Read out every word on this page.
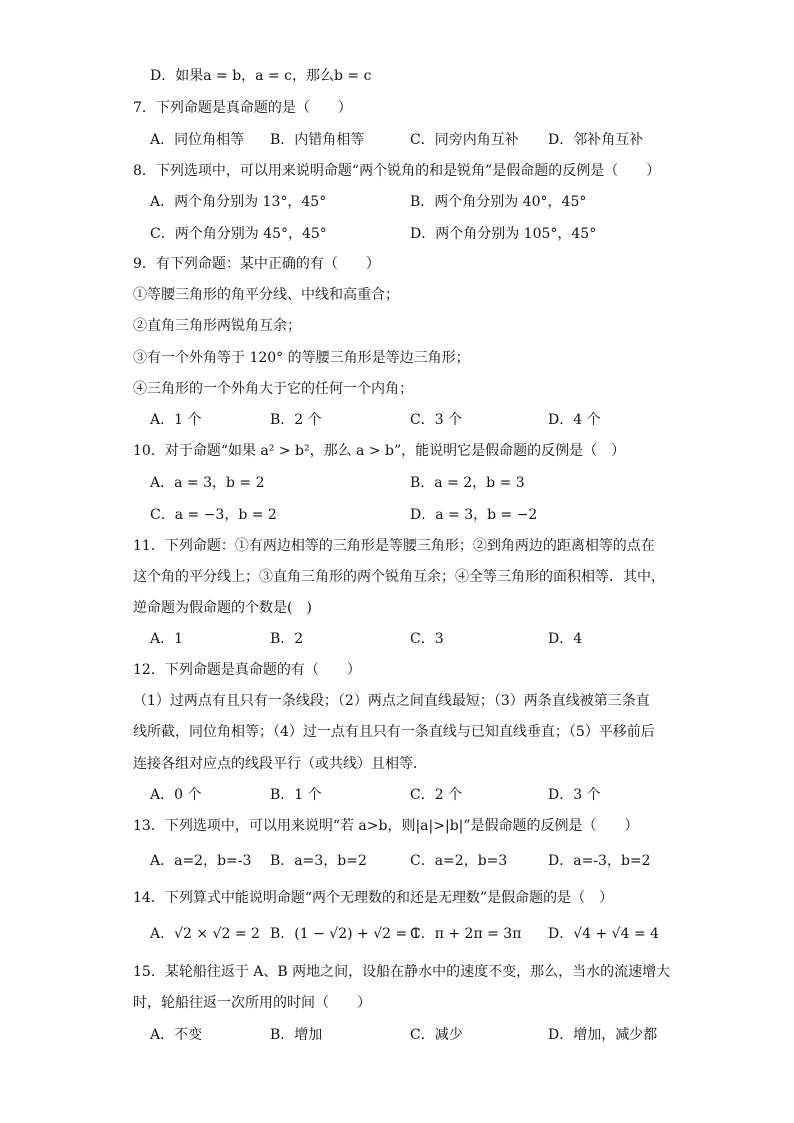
D．如果a = b，a = c，那么b = c
7．下列命题是真命题的是（　　）
A．同位角相等 B．内错角相等	C．同旁内角互补 D．邻补角互补
8．下列选项中，可以用来说明命题“两个锐角的和是锐角”是假命题的反例是（　　）
A．两个角分别为 13°，45°	B．两个角分别为 40°，45°
C．两个角分别为 45°，45°	D．两个角分别为 105°，45°
9．有下列命题：某中正确的有（　　）
①等腰三角形的角平分线、中线和高重合；
②直角三角形两锐角互余；
③有一个外角等于 120° 的等腰三角形是等边三角形；
④三角形的一个外角大于它的任何一个内角；
A．1 个	B．2 个	C．3 个	D．4 个
10．对于命题“如果 a² > b²，那么 a > b”，能说明它是假命题的反例是（　）
A．a = 3，b = 2	B．a = 2，b = 3
C．a = −3，b = 2	D．a = 3，b = −2
11．下列命题：①有两边相等的三角形是等腰三角形；②到角两边的距离相等的点在
这个角的平分线上；③直角三角形的两个锐角互余；④全等三角形的面积相等．其中，
逆命题为假命题的个数是(　)
A．1	B．2	C．3	D．4
12．下列命题是真命题的有（　　）
（1）过两点有且只有一条线段；（2）两点之间直线最短；（3）两条直线被第三条直
线所截，同位角相等；（4）过一点有且只有一条直线与已知直线垂直；（5）平移前后
连接各组对应点的线段平行（或共线）且相等．
A．0 个	B．1 个	C．2 个	D．3 个
13．下列选项中，可以用来说明“若 a>b，则|a|>|b|”是假命题的反例是（　　）
A．a=2，b=-3 B．a=3，b=2	C．a=2，b=3	D．a=-3，b=2
14．下列算式中能说明命题“两个无理数的和还是无理数”是假命题的是（　）
A．√2 × √2 = 2 B．(1 − √2) + √2 = 1
C．π + 2π = 3π D．√4 + √4 = 4
15．某轮船往返于 A、B 两地之间，设船在静水中的速度不变，那么，当水的流速增大
时，轮船往返一次所用的时间（　　）
A．不变	B．增加	C．减少	D．增加，减少都
